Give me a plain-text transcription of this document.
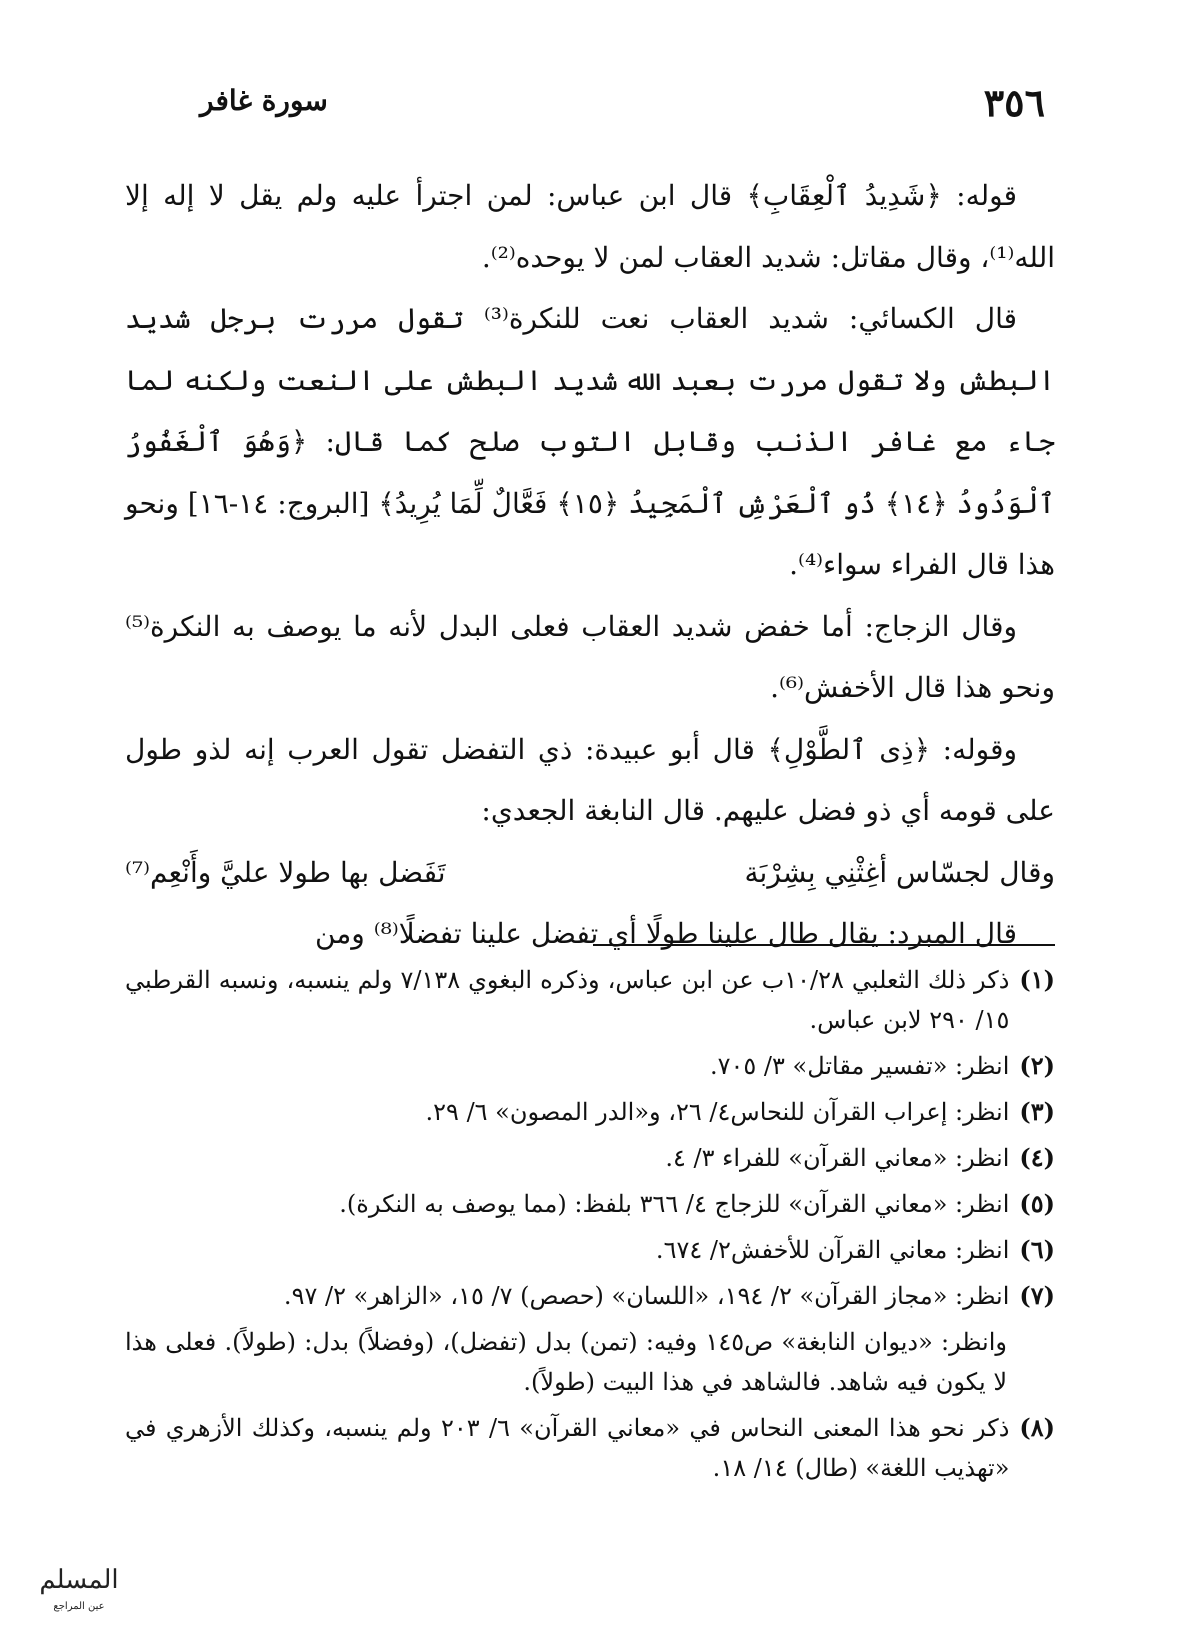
٣٥٦
سورة غافر

قوله: ﴿شَدِيدُ ٱلْعِقَابِ﴾ قال ابن عباس: لمن اجترأ عليه ولم يقل لا إله إلا الله⁽¹⁾، وقال مقاتل: شديد العقاب لمن لا يوحده⁽²⁾.

قال الكسائي: شديد العقاب نعت للنكرة⁽³⁾ تقول مررت برجل شديد البطش ولا تقول مررت بعبد الله شديد البطش على النعت ولكنه لما جاء مع غافر الذنب وقابل التوب صلح كما قال: ﴿وَهُوَ ٱلْغَفُورُ ٱلْوَدُودُ ﴿١٤﴾ ذُو ٱلْعَرْشِ ٱلْمَجِيدُ ﴿١٥﴾ فَعَّالٌ لِّمَا يُرِيدُ﴾ [البروج: ١٤-١٦] ونحو هذا قال الفراء سواء⁽⁴⁾.

وقال الزجاج: أما خفض شديد العقاب فعلى البدل لأنه ما يوصف به النكرة⁽⁵⁾ ونحو هذا قال الأخفش⁽⁶⁾.

وقوله: ﴿ذِى ٱلطَّوْلِ﴾ قال أبو عبيدة: ذي التفضل تقول العرب إنه لذو طول على قومه أي ذو فضل عليهم. قال النابغة الجعدي:

وقال لجسّاس أغِثْنِي بِشِرْبَة
تَفَضل بها طولا عليَّ وأَنْعِم⁽⁷⁾

قال المبرد: يقال طال علينا طولًا أي تفضل علينا تفضلًا⁽⁸⁾ ومن

(١)
ذكر ذلك الثعلبي ١٠/٢٨ب عن ابن عباس، وذكره البغوي ٧/١٣٨ ولم ينسبه، ونسبه القرطبي ١٥/ ٢٩٠ لابن عباس.
(٢)
انظر: «تفسير مقاتل» ٣/ ٧٠٥.
(٣)
انظر: إعراب القرآن للنحاس٤/ ٢٦، و«الدر المصون» ٦/ ٢٩.
(٤)
انظر: «معاني القرآن» للفراء ٣/ ٤.
(٥)
انظر: «معاني القرآن» للزجاج ٤/ ٣٦٦ بلفظ: (مما يوصف به النكرة).
(٦)
انظر: معاني القرآن للأخفش٢/ ٦٧٤.
(٧)
انظر: «مجاز القرآن» ٢/ ١٩٤، «اللسان» (حصص) ٧/ ١٥، «الزاهر» ٢/ ٩٧.

وانظر: «ديوان النابغة» ص١٤٥ وفيه: (تمن) بدل (تفضل)، (وفضلاً) بدل: (طولاً). فعلى هذا لا يكون فيه شاهد. فالشاهد في هذا البيت (طولاً).

(٨)
ذكر نحو هذا المعنى النحاس في «معاني القرآن» ٦/ ٢٠٣ ولم ينسبه، وكذلك الأزهري في «تهذيب اللغة» (طال) ١٤/ ١٨.
المسلم
عين المراجع
